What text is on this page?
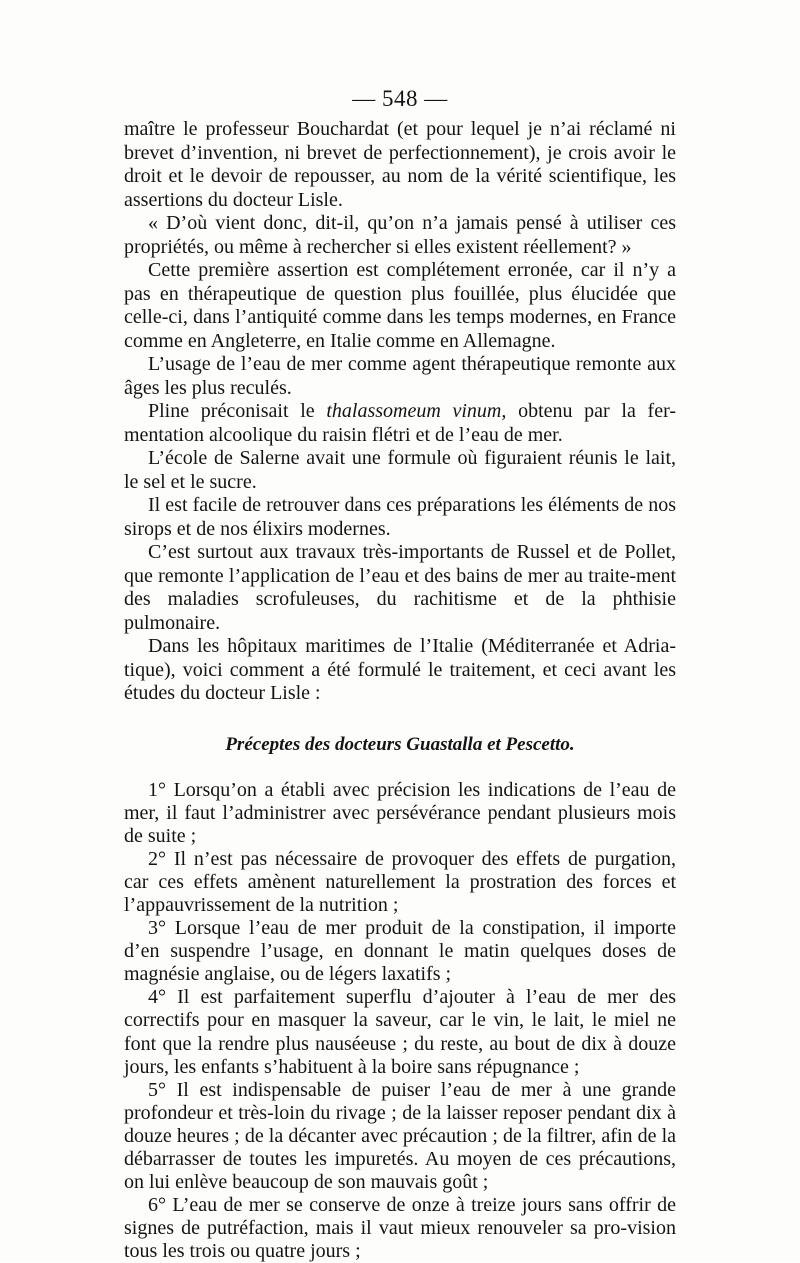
— 548 —

maître le professeur Bouchardat (et pour lequel je n’ai réclamé ni brevet d’invention, ni brevet de perfectionnement), je crois avoir le droit et le devoir de repousser, au nom de la vérité scientifique, les assertions du docteur Lisle.

« D’où vient donc, dit-il, qu’on n’a jamais pensé à utiliser ces propriétés, ou même à rechercher si elles existent réellement? »

Cette première assertion est complétement erronée, car il n’y a pas en thérapeutique de question plus fouillée, plus élucidée que celle-ci, dans l’antiquité comme dans les temps modernes, en France comme en Angleterre, en Italie comme en Allemagne.

L’usage de l’eau de mer comme agent thérapeutique remonte aux âges les plus reculés.

Pline préconisait le thalassomeum vinum, obtenu par la fer-mentation alcoolique du raisin flétri et de l’eau de mer.

L’école de Salerne avait une formule où figuraient réunis le lait, le sel et le sucre.

Il est facile de retrouver dans ces préparations les éléments de nos sirops et de nos élixirs modernes.

C’est surtout aux travaux très-importants de Russel et de Pollet, que remonte l’application de l’eau et des bains de mer au traite-ment des maladies scrofuleuses, du rachitisme et de la phthisie pulmonaire.

Dans les hôpitaux maritimes de l’Italie (Méditerranée et Adria-tique), voici comment a été formulé le traitement, et ceci avant les études du docteur Lisle :

Préceptes des docteurs Guastalla et Pescetto.

1° Lorsqu’on a établi avec précision les indications de l’eau de mer, il faut l’administrer avec persévérance pendant plusieurs mois de suite ;

2° Il n’est pas nécessaire de provoquer des effets de purgation, car ces effets amènent naturellement la prostration des forces et l’appauvrissement de la nutrition ;

3° Lorsque l’eau de mer produit de la constipation, il importe d’en suspendre l’usage, en donnant le matin quelques doses de magnésie anglaise, ou de légers laxatifs ;

4° Il est parfaitement superflu d’ajouter à l’eau de mer des correctifs pour en masquer la saveur, car le vin, le lait, le miel ne font que la rendre plus nauséeuse ; du reste, au bout de dix à douze jours, les enfants s’habituent à la boire sans répugnance ;

5° Il est indispensable de puiser l’eau de mer à une grande profondeur et très-loin du rivage ; de la laisser reposer pendant dix à douze heures ; de la décanter avec précaution ; de la filtrer, afin de la débarrasser de toutes les impuretés. Au moyen de ces précautions, on lui enlève beaucoup de son mauvais goût ;

6° L’eau de mer se conserve de onze à treize jours sans offrir de signes de putréfaction, mais il vaut mieux renouveler sa pro-vision tous les trois ou quatre jours ;
